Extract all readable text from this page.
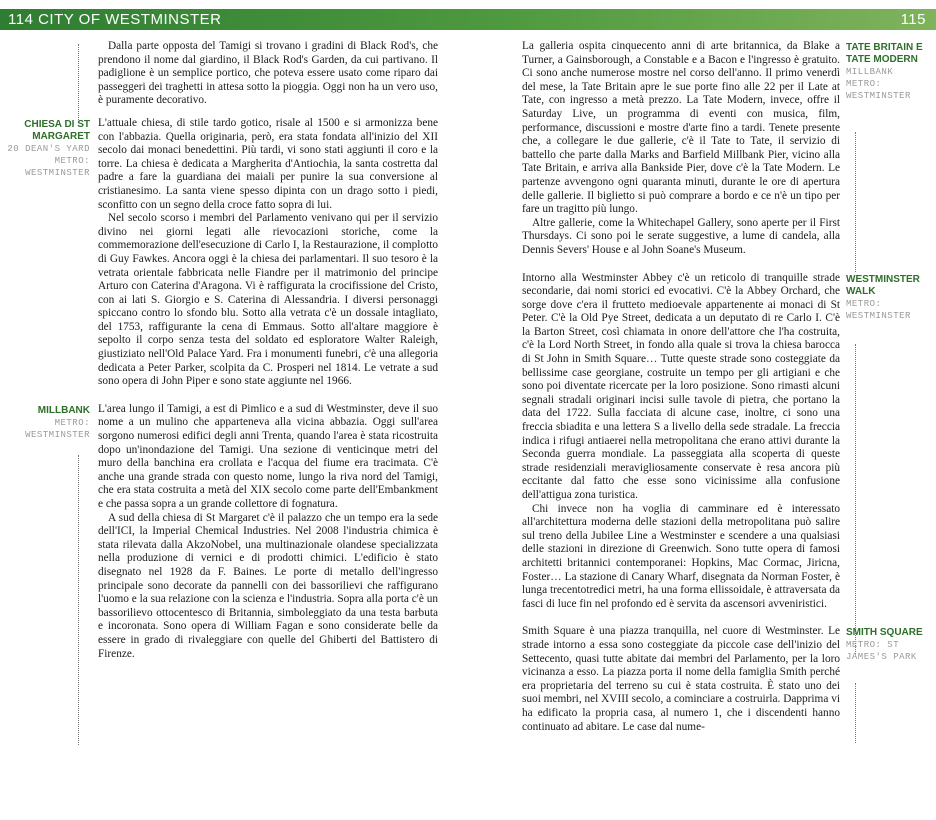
114 CITY OF WESTMINSTER	115

Dalla parte opposta del Tamigi si trovano i gradini di Black Rod's, che prendono il nome dal giardino, il Black Rod's Garden, da cui partivano. Il padiglione è un semplice portico, che poteva essere usato come riparo dai passeggeri dei traghetti in attesa sotto la pioggia. Oggi non ha un vero uso, è puramente decorativo.

CHIESA DI ST MARGARET
20 DEAN'S YARD
METRO: WESTMINSTER

L'attuale chiesa, di stile tardo gotico, risale al 1500 e si armonizza bene con l'abbazia. Quella originaria, però, era stata fondata all'inizio del XII secolo dai monaci benedettini. Più tardi, vi sono stati aggiunti il coro e la torre. La chiesa è dedicata a Margherita d'Antiochia, la santa costretta dal padre a fare la guardiana dei maiali per punire la sua conversione al cristianesimo. La santa viene spesso dipinta con un drago sotto i piedi, sconfitto con un segno della croce fatto sopra di lui.

Nel secolo scorso i membri del Parlamento venivano qui per il servizio divino nei giorni legati alle rievocazioni storiche, come la commemorazione dell'esecuzione di Carlo I, la Restaurazione, il complotto di Guy Fawkes. Ancora oggi è la chiesa dei parlamentari. Il suo tesoro è la vetrata orientale fabbricata nelle Fiandre per il matrimonio del principe Arturo con Caterina d'Aragona. Vi è raffigurata la crocifissione del Cristo, con ai lati S. Giorgio e S. Caterina di Alessandria. I diversi personaggi spiccano contro lo sfondo blu. Sotto alla vetrata c'è un dossale intagliato, del 1753, raffigurante la cena di Emmaus. Sotto all'altare maggiore è sepolto il corpo senza testa del soldato ed esploratore Walter Raleigh, giustiziato nell'Old Palace Yard. Fra i monumenti funebri, c'è una allegoria dedicata a Peter Parker, scolpita da C. Prosperi nel 1814. Le vetrate a sud sono opera di John Piper e sono state aggiunte nel 1966.

MILLBANK
METRO: WESTMINSTER

L'area lungo il Tamigi, a est di Pimlico e a sud di Westminster, deve il suo nome a un mulino che apparteneva alla vicina abbazia. Oggi sull'area sorgono numerosi edifici degli anni Trenta, quando l'area è stata ricostruita dopo un'inondazione del Tamigi. Una sezione di venticinque metri del muro della banchina era crollata e l'acqua del fiume era tracimata. C'è anche una grande strada con questo nome, lungo la riva nord del Tamigi, che era stata costruita a metà del XIX secolo come parte dell'Embankment e che passa sopra a un grande collettore di fognatura.

A sud della chiesa di St Margaret c'è il palazzo che un tempo era la sede dell'ICI, la Imperial Chemical Industries. Nel 2008 l'industria chimica è stata rilevata dalla AkzoNobel, una multinazionale olandese specializzata nella produzione di vernici e di prodotti chimici. L'edificio è stato disegnato nel 1928 da F. Baines. Le porte di metallo dell'ingresso principale sono decorate da pannelli con dei bassorilievi che raffigurano l'uomo e la sua relazione con la scienza e l'industria. Sopra alla porta c'è un bassorilievo ottocentesco di Britannia, simboleggiato da una testa barbuta e incoronata. Sono opera di William Fagan e sono considerate belle da essere in grado di rivaleggiare con quelle del Ghiberti del Battistero di Firenze.

TATE BRITAIN E TATE MODERN
MILLBANK METRO: WESTMINSTER

La galleria ospita cinquecento anni di arte britannica, da Blake a Turner, a Gainsborough, a Constable e a Bacon e l'ingresso è gratuito. Ci sono anche numerose mostre nel corso dell'anno. Il primo venerdì del mese, la Tate Britain apre le sue porte fino alle 22 per il Late at Tate, con ingresso a metà prezzo. La Tate Modern, invece, offre il Saturday Live, un programma di eventi con musica, film, performance, discussioni e mostre d'arte fino a tardi. Tenete presente che, a collegare le due gallerie, c'è il Tate to Tate, il servizio di battello che parte dalla Marks and Barfield Millbank Pier, vicino alla Tate Britain, e arriva alla Bankside Pier, dove c'è la Tate Modern. Le partenze avvengono ogni quaranta minuti, durante le ore di apertura delle gallerie. Il biglietto si può comprare a bordo e ce n'è un tipo per fare un tragitto più lungo.

Altre gallerie, come la Whitechapel Gallery, sono aperte per il First Thursdays. Ci sono poi le serate suggestive, a lume di candela, alla Dennis Severs' House e al John Soane's Museum.

WESTMINSTER WALK
METRO: WESTMINSTER

Intorno alla Westminster Abbey c'è un reticolo di tranquille strade secondarie, dai nomi storici ed evocativi. C'è la Abbey Orchard, che sorge dove c'era il frutteto medioevale appartenente ai monaci di St Peter. C'è la Old Pye Street, dedicata a un deputato di re Carlo I. C'è la Barton Street, così chiamata in onore dell'attore che l'ha costruita, c'è la Lord North Street, in fondo alla quale si trova la chiesa barocca di St John in Smith Square… Tutte queste strade sono costeggiate da bellissime case georgiane, costruite un tempo per gli artigiani e che sono poi diventate ricercate per la loro posizione. Sono rimasti alcuni segnali stradali originari incisi sulle tavole di pietra, che portano la data del 1722. Sulla facciata di alcune case, inoltre, ci sono una freccia sbiadita e una lettera S a livello della sede stradale. La freccia indica i rifugi antiaerei nella metropolitana che erano attivi durante la Seconda guerra mondiale. La passeggiata alla scoperta di queste strade residenziali meravigliosamente conservate è resa ancora più eccitante dal fatto che esse sono vicinissime alla confusione dell'attigua zona turistica.

Chi invece non ha voglia di camminare ed è interessato all'architettura moderna delle stazioni della metropolitana può salire sul treno della Jubilee Line a Westminster e scendere a una qualsiasi delle stazioni in direzione di Greenwich. Sono tutte opera di famosi architetti britannici contemporanei: Hopkins, Mac Cormac, Jiricna, Foster… La stazione di Canary Wharf, disegnata da Norman Foster, è lunga trecentotredici metri, ha una forma ellissoidale, è attraversata da fasci di luce fin nel profondo ed è servita da ascensori avveniristici.

SMITH SQUARE
METRO: ST JAMES'S PARK

Smith Square è una piazza tranquilla, nel cuore di Westminster. Le strade intorno a essa sono costeggiate da piccole case dell'inizio del Settecento, quasi tutte abitate dai membri del Parlamento, per la loro vicinanza a esso. La piazza porta il nome della famiglia Smith perché era proprietaria del terreno su cui è stata costruita. È stato uno dei suoi membri, nel XVIII secolo, a cominciare a costruirla. Dapprima vi ha edificato la propria casa, al numero 1, che i discendenti hanno continuato ad abitare. Le case dal nume-
